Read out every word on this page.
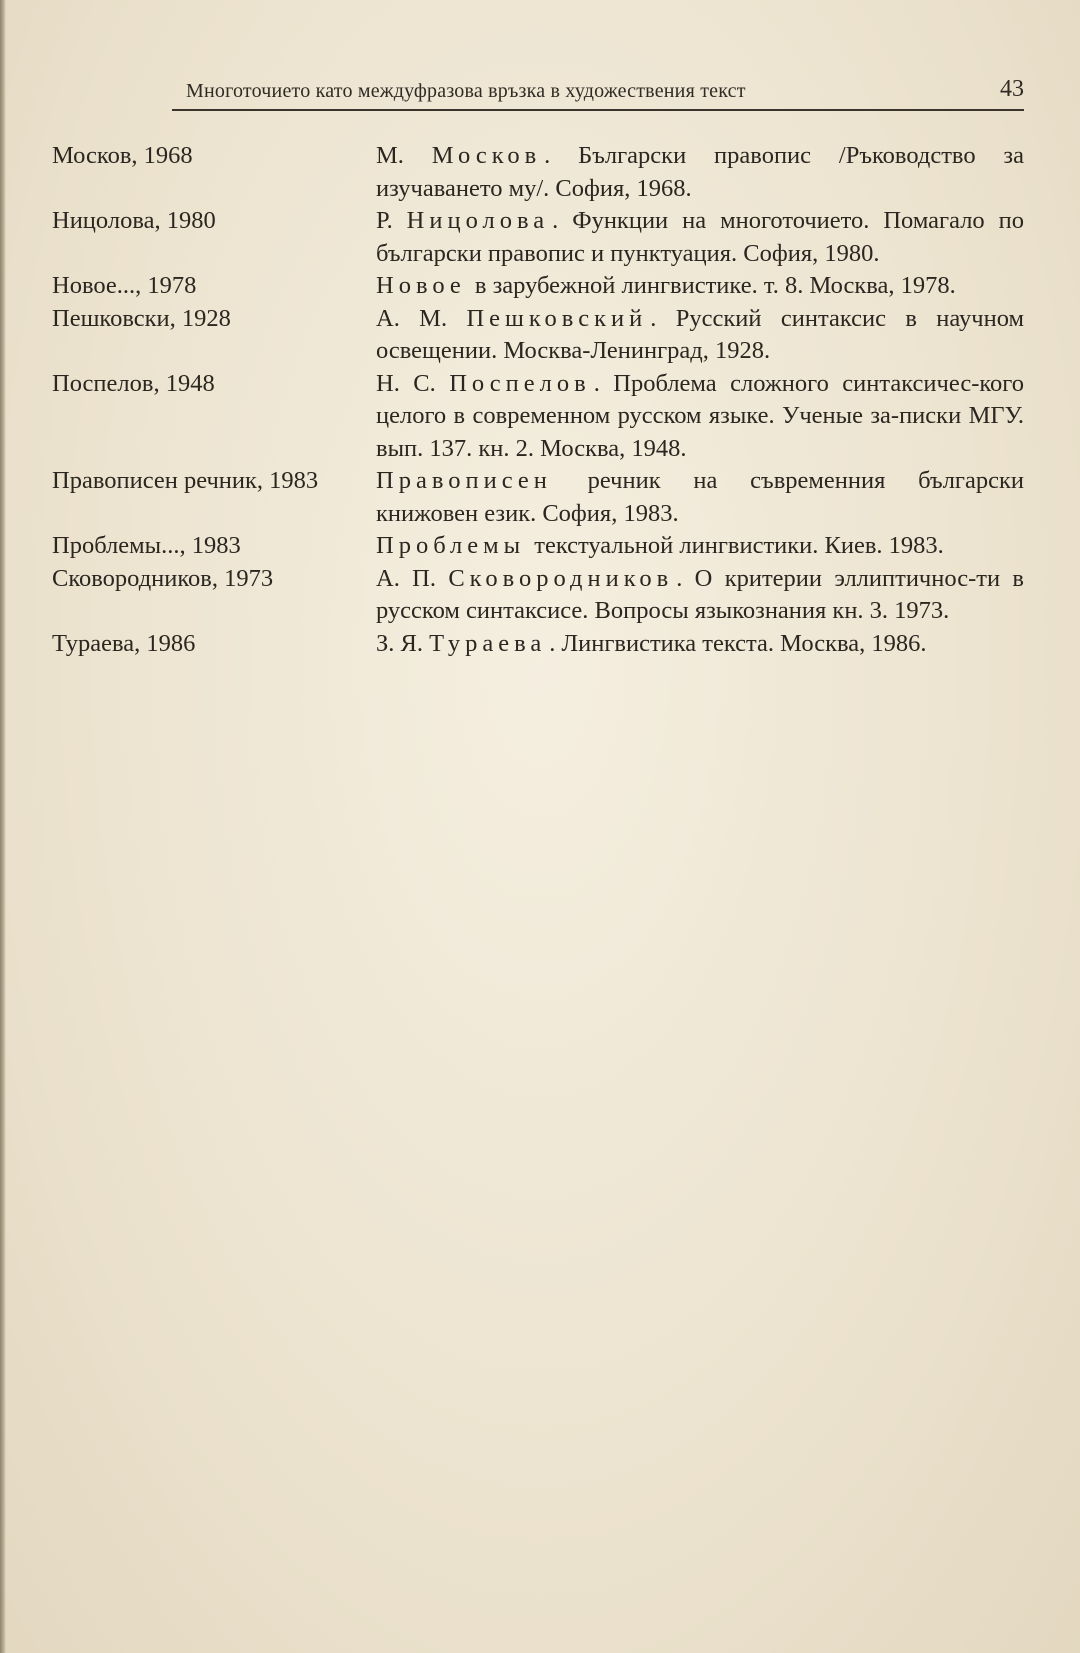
Многоточието като междуфразова връзка в художествения текст	43
Москов, 1968	М. Москов . Български правопис /Ръководство за изучаването му/. София, 1968.
Ницолова, 1980	Р. Ницолова . Функции на многоточието. Помагало по български правопис и пунктуация. София, 1980.
Новое..., 1978	Новое в зарубежной лингвистике. т. 8. Москва, 1978.
Пешковски, 1928	А. М. Пешковский . Русский синтаксис в научном освещении. Москва-Ленинград, 1928.
Поспелов, 1948	Н. С. Поспелов . Проблема сложного синтаксичес-кого целого в современном русском языке. Ученые за-писки МГУ. вып. 137. кн. 2. Москва, 1948.
Правописен речник, 1983	Правописен речник на съвременния български книжовен език. София, 1983.
Проблемы..., 1983	Проблемы текстуальной лингвистики. Киев. 1983.
Сковородников, 1973	А. П. Сковородников . О критерии эллиптичнос-ти в русском синтаксисе. Вопросы языкознания кн. 3. 1973.
Тураева, 1986	З. Я. Тураева . Лингвистика текста. Москва, 1986.
